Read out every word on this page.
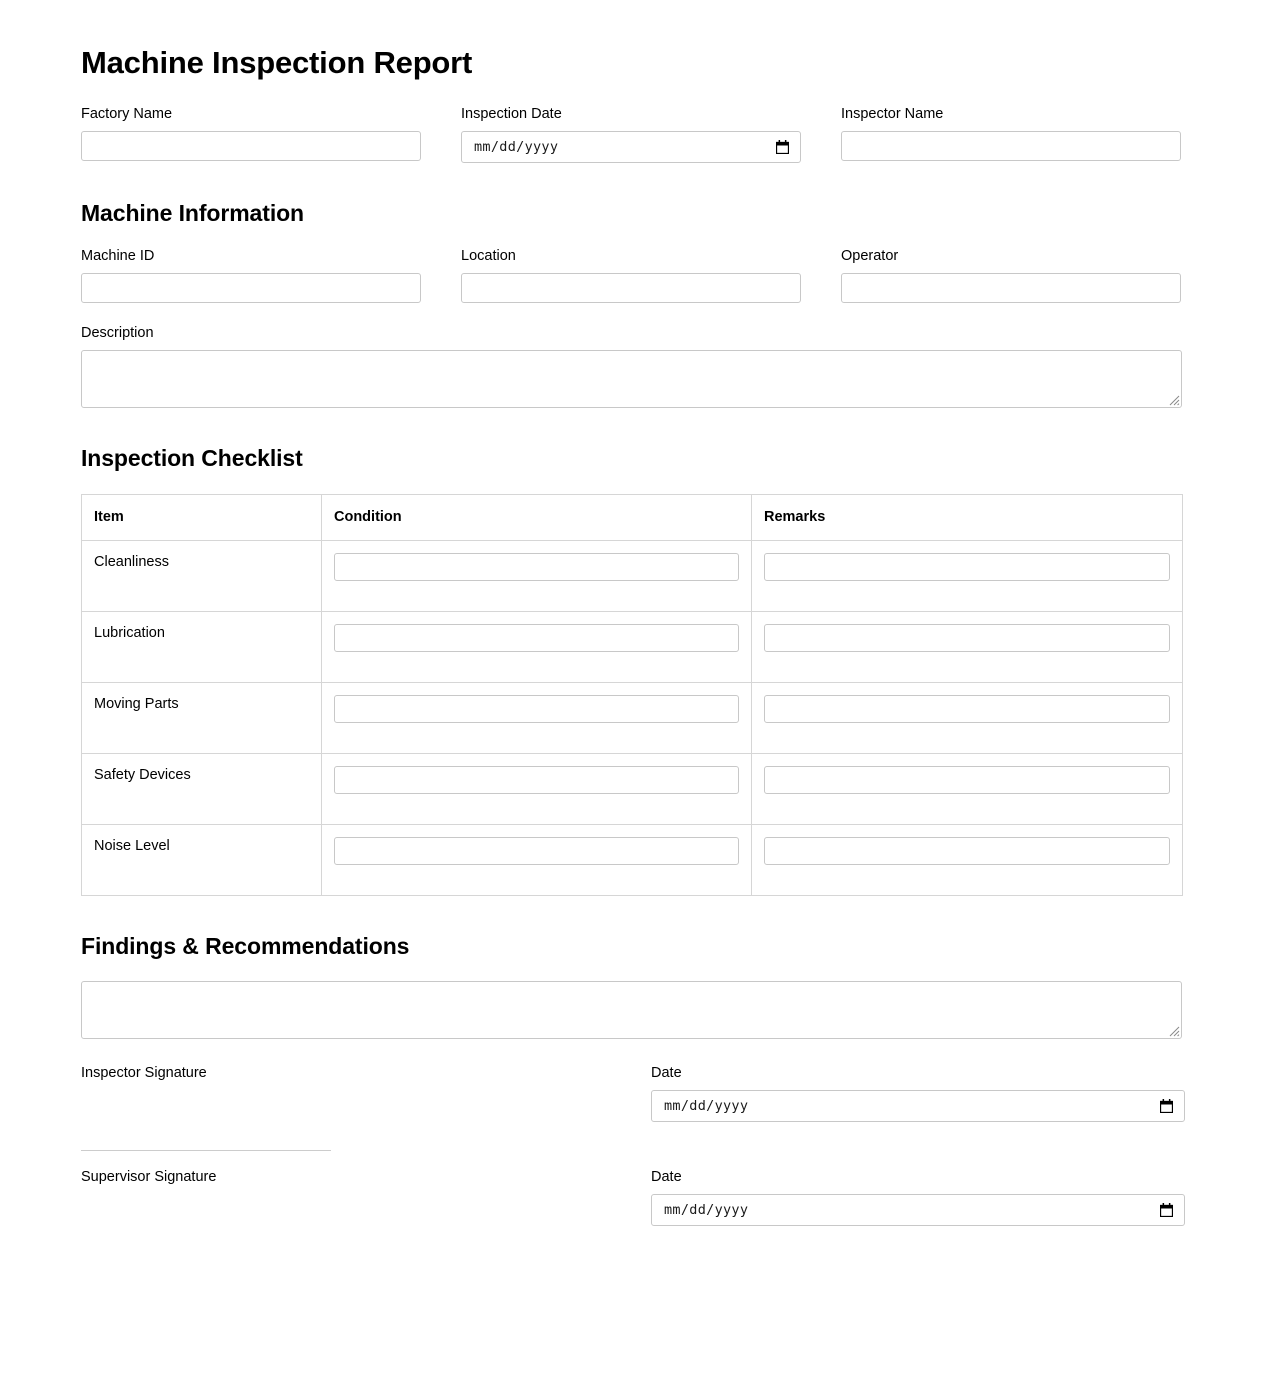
Machine Inspection Report
Factory Name	Inspection Date
mm/dd/yyyy
Inspector Name
Machine Information
Machine ID	Location	Operator
Description
Inspection Checklist
Item	Condition	Remarks
Cleanliness	

Lubrication	

Moving Parts	

Safety Devices	

Noise Level	

Findings & Recommendations
Inspector Signature	Date
mm/dd/yyyy
Supervisor Signature	Date
mm/dd/yyyy
